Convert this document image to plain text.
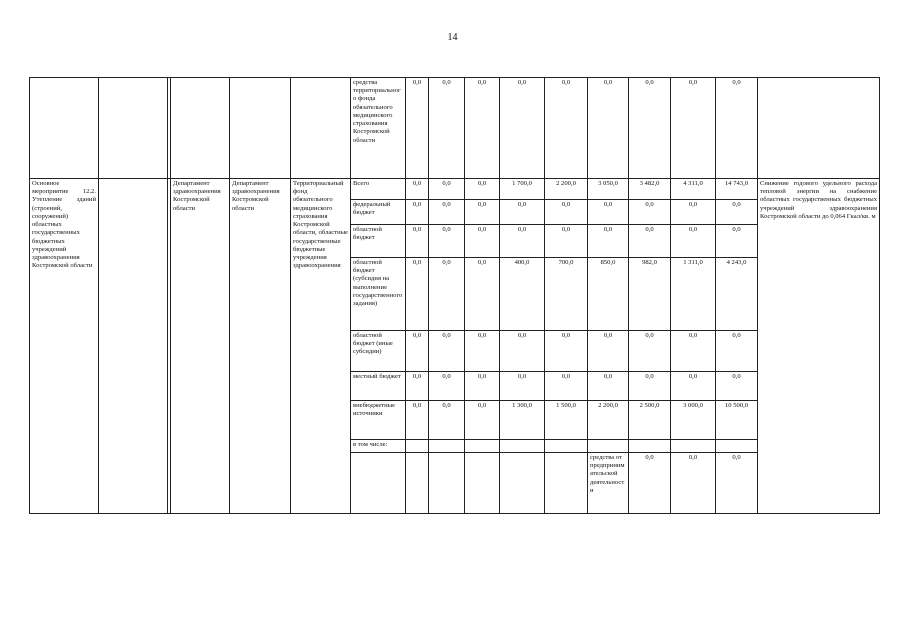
14
						средства территориального фонда обязательного медицинского страхования Костромской области	0,0	0,0	0,0	0,0	0,0	0,0	0,0	0,0	0,0		
Основное мероприятие 12.2. Утепление зданий (строений, сооружений) областных государственных бюджетных учреждений здравоохранения Костромской области			Департамент здравоохранения Костромской области	Департамент здравоохранения Костромской области	Территориальный фонд обязательного медицинского страхования Костромской области, областные государственные бюджетные учреждения здравоохранения	Всего	0,0	0,0	0,0	1 700,0	2 200,0	3 050,0	3 482,0	4 311,0	14 743,0	Снижение годового удельного расхода тепловой энергии на снабжение областных государственных бюджетных учреждений здравоохранения Костромской области до 0,064 Гкал/кв. м	
						федеральный бюджет	0,0	0,0	0,0	0,0	0,0	0,0	0,0	0,0	0,0		
						областной бюджет	0,0	0,0	0,0	0,0	0,0	0,0	0,0	0,0	0,0		
						областной бюджет (субсидия на выполнение государственного задания)	0,0	0,0	0,0	400,0	700,0	850,0	982,0	1 311,0	4 243,0		
						областной бюджет (иные субсидии)	0,0	0,0	0,0	0,0	0,0	0,0	0,0	0,0	0,0		
						местный бюджет	0,0	0,0	0,0	0,0	0,0	0,0	0,0	0,0	0,0		
						внебюджетные источники	0,0	0,0	0,0	1 300,0	1 500,0	2 200,0	2 500,0	3 000,0	10 500,0		
						в том числе:											
												средства от предпринимательской деятельности	0,0	0,0	0,0							
